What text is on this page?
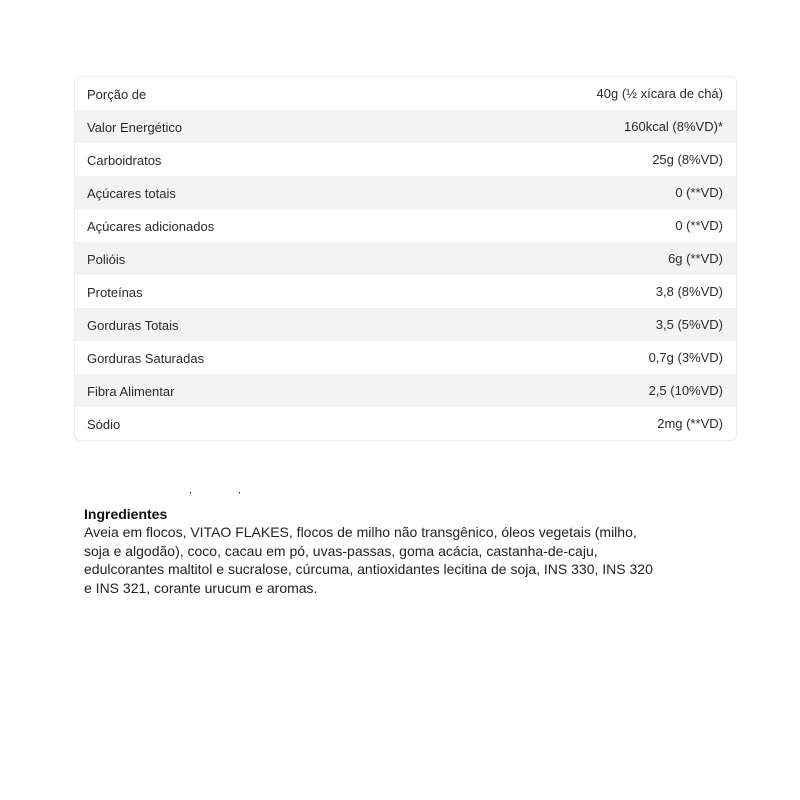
Porção de	40g (½ xícara de chá)
Valor Energético	160kcal (8%VD)*
Carboidratos	25g (8%VD)
Açúcares totais	0 (**VD)
Açúcares adicionados	0 (**VD)
Polióis	6g (**VD)
Proteínas	3,8 (8%VD)
Gorduras Totais	3,5 (5%VD)
Gorduras Saturadas	0,7g (3%VD)
Fibra Alimentar	2,5 (10%VD)
Sódio	2mg (**VD)
,,

Ingredientes

Aveia em flocos, VITAO FLAKES, flocos de milho não transgênico, óleos vegetais (milho,
soja e algodão), coco, cacau em pó, uvas-passas, goma acácia, castanha-de-caju,
edulcorantes maltitol e sucralose, cúrcuma, antioxidantes lecitina de soja, INS 330, INS 320
e INS 321, corante urucum e aromas.
